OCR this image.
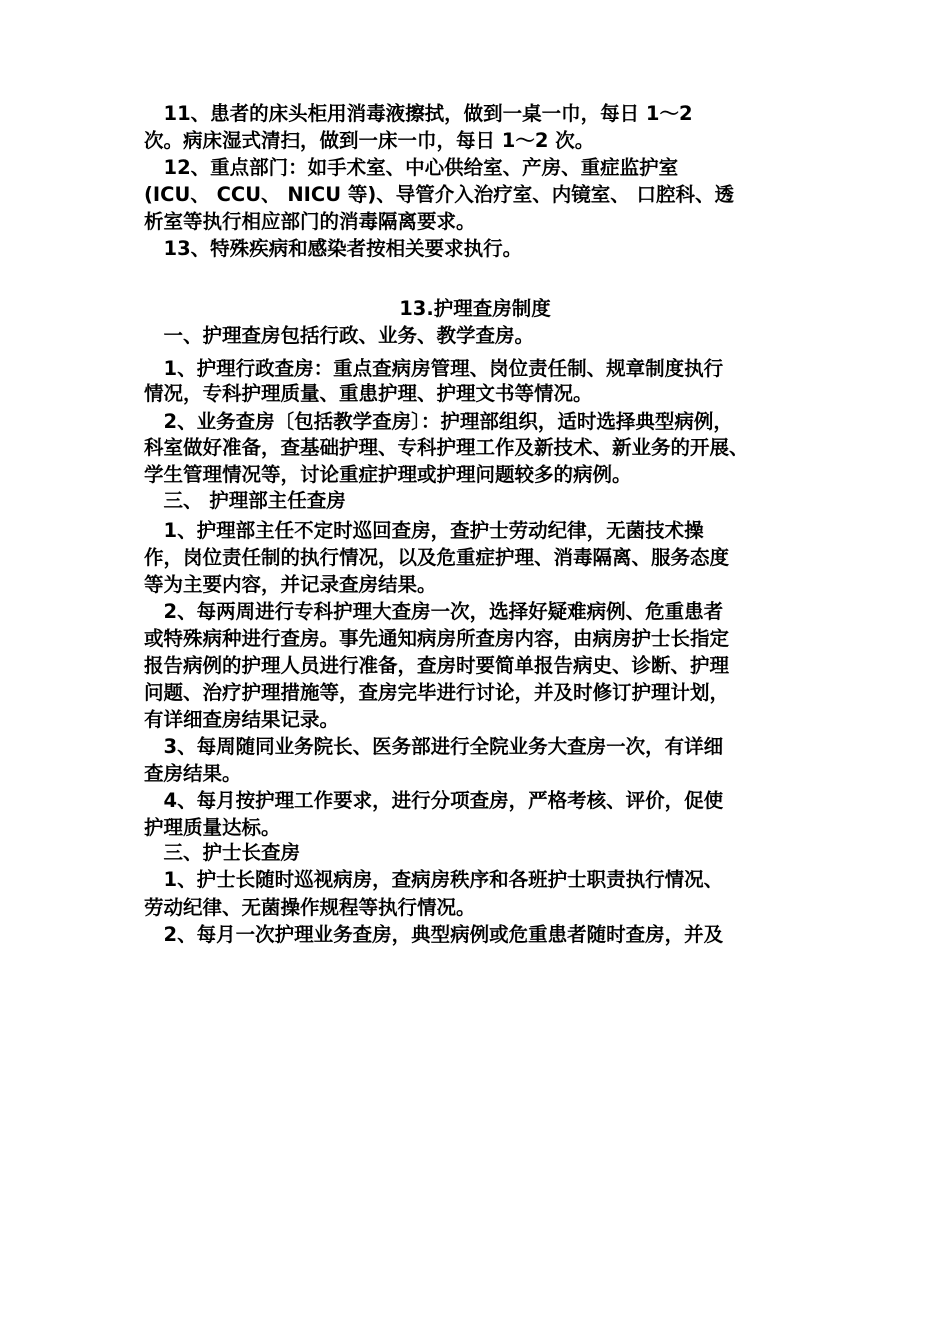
　11、患者的床头柜用消毒液擦拭，做到一桌一巾，每日 1～2

次。病床湿式清扫，做到一床一巾，每日 1～2 次。

　12、重点部门：如手术室、中心供给室、产房、重症监护室

(ICU、 CCU、 NICU 等)、导管介入治疗室、内镜室、 口腔科、透

析室等执行相应部门的消毒隔离要求。

　13、特殊疾病和感染者按相关要求执行。

13.护理查房制度

　一、护理查房包括行政、业务、教学查房。

　1、护理行政查房：重点查病房管理、岗位责任制、规章制度执行

情况，专科护理质量、重患护理、护理文书等情况。

　2、业务查房〔包括教学查房〕：护理部组织，适时选择典型病例，

科室做好准备，查基础护理、专科护理工作及新技术、新业务的开展、

学生管理情况等，讨论重症护理或护理问题较多的病例。

　三、 护理部主任查房

　1、护理部主任不定时巡回查房，查护士劳动纪律，无菌技术操

作，岗位责任制的执行情况，以及危重症护理、消毒隔离、服务态度

等为主要内容，并记录查房结果。

　2、每两周进行专科护理大查房一次，选择好疑难病例、危重患者

或特殊病种进行查房。事先通知病房所查房内容，由病房护士长指定

报告病例的护理人员进行准备，查房时要简单报告病史、诊断、护理

问题、治疗护理措施等，查房完毕进行讨论，并及时修订护理计划，

有详细查房结果记录。

　3、每周随同业务院长、医务部进行全院业务大查房一次，有详细

查房结果。

　4、每月按护理工作要求，进行分项查房，严格考核、评价，促使

护理质量达标。

　三、护士长查房

　1、护士长随时巡视病房，查病房秩序和各班护士职责执行情况、

劳动纪律、无菌操作规程等执行情况。

　2、每月一次护理业务查房，典型病例或危重患者随时查房，并及
